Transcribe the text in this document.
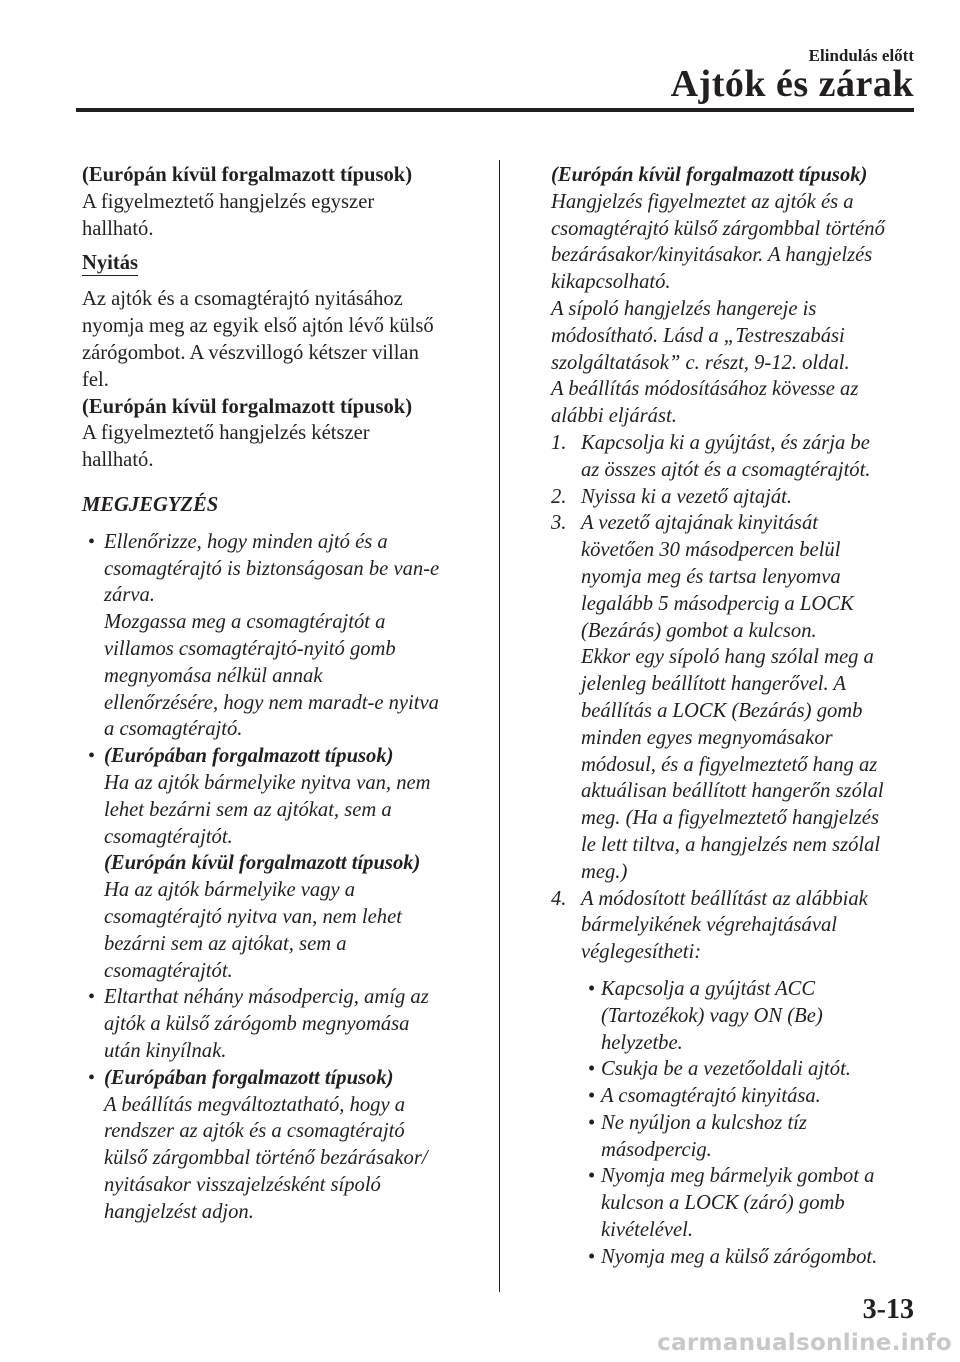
Elindulás előtt
Ajtók és zárak

(Európán kívül forgalmazott típusok)
A figyelmeztető hangjelzés egyszer
hallható.

Nyitás

Az ajtók és a csomagtérajtó nyitásához
nyomja meg az egyik első ajtón lévő külső
zárógombot. A vészvillogó kétszer villan
fel.
(Európán kívül forgalmazott típusok)
A figyelmeztető hangjelzés kétszer
hallható.

MEGJEGYZÉS
• Ellenőrizze, hogy minden ajtó és a
csomagtérajtó is biztonságosan be van-e
zárva.
Mozgassa meg a csomagtérajtót a
villamos csomagtérajtó-nyitó gomb
megnyomása nélkül annak
ellenőrzésére, hogy nem maradt-e nyitva
a csomagtérajtó.
• (Európában forgalmazott típusok)
Ha az ajtók bármelyike nyitva van, nem
lehet bezárni sem az ajtókat, sem a
csomagtérajtót.
(Európán kívül forgalmazott típusok)
Ha az ajtók bármelyike vagy a
csomagtérajtó nyitva van, nem lehet
bezárni sem az ajtókat, sem a
csomagtérajtót.
• Eltarthat néhány másodpercig, amíg az
ajtók a külső zárógomb megnyomása
után kinyílnak.
• (Európában forgalmazott típusok)
A beállítás megváltoztatható, hogy a
rendszer az ajtók és a csomagtérajtó
külső zárgombbal történő bezárásakor/
nyitásakor visszajelzésként sípoló
hangjelzést adjon.
(Európán kívül forgalmazott típusok)
Hangjelzés figyelmeztet az ajtók és a
csomagtérajtó külső zárgombbal történő
bezárásakor/kinyitásakor. A hangjelzés
kikapcsolható.
A sípoló hangjelzés hangereje is
módosítható. Lásd a „Testreszabási
szolgáltatások” c. részt, 9-12. oldal.
A beállítás módosításához kövesse az
alábbi eljárást.
1. Kapcsolja ki a gyújtást, és zárja be
az összes ajtót és a csomagtérajtót.
2. Nyissa ki a vezető ajtaját.
3. A vezető ajtajának kinyitását
követően 30 másodpercen belül
nyomja meg és tartsa lenyomva
legalább 5 másodpercig a LOCK
(Bezárás) gombot a kulcson.
Ekkor egy sípoló hang szólal meg a
jelenleg beállított hangerővel. A
beállítás a LOCK (Bezárás) gomb
minden egyes megnyomásakor
módosul, és a figyelmeztető hang az
aktuálisan beállított hangerőn szólal
meg. (Ha a figyelmeztető hangjelzés
le lett tiltva, a hangjelzés nem szólal
meg.)
4. A módosított beállítást az alábbiak
bármelyikének végrehajtásával
véglegesítheti:
• Kapcsolja a gyújtást ACC
(Tartozékok) vagy ON (Be)
helyzetbe.
• Csukja be a vezetőoldali ajtót.
• A csomagtérajtó kinyitása.
• Ne nyúljon a kulcshoz tíz
másodpercig.
• Nyomja meg bármelyik gombot a
kulcson a LOCK (záró) gomb
kivételével.
• Nyomja meg a külső zárógombot.
3-13
carmanualsonline.info
